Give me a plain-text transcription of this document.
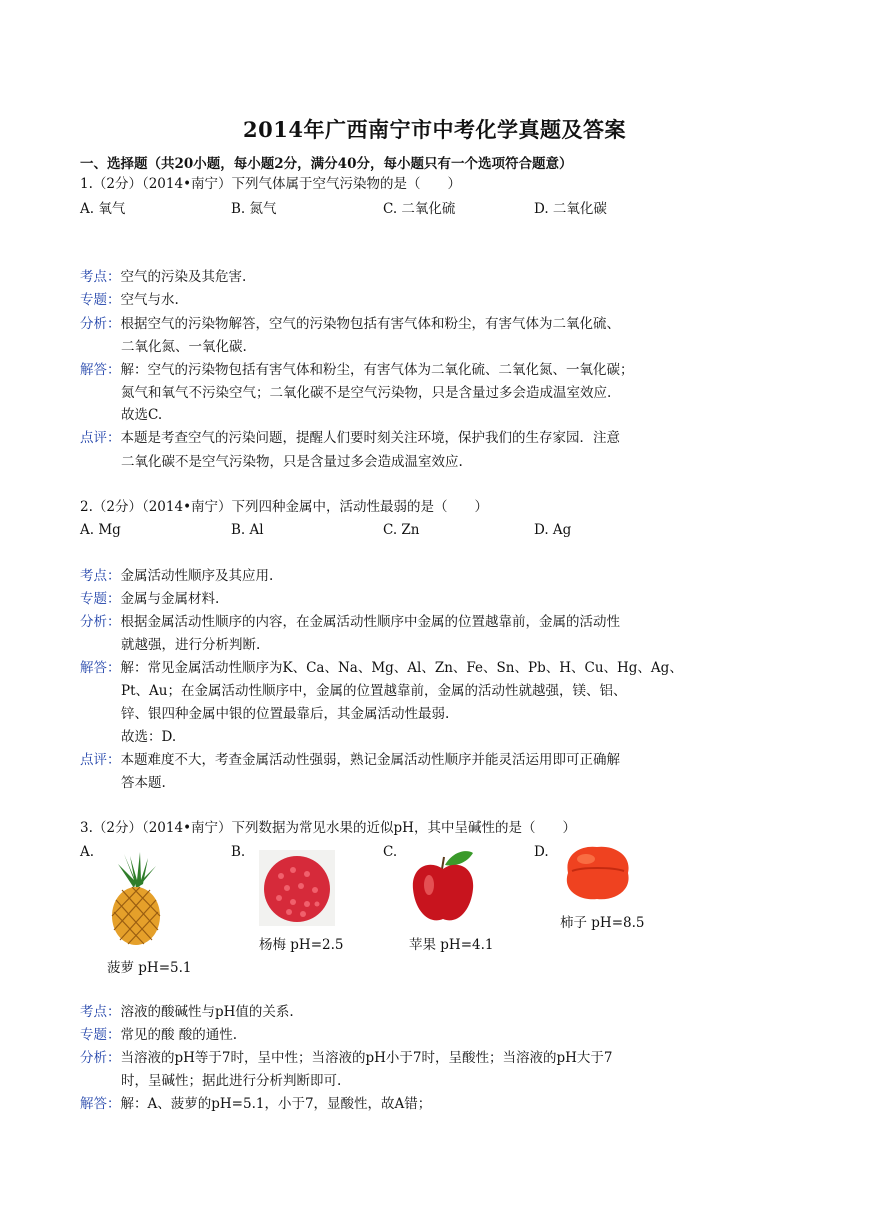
2014年广西南宁市中考化学真题及答案
一、选择题（共20小题，每小题2分，满分40分，每小题只有一个选项符合题意）
1.（2分）（2014•南宁）下列气体属于空气污染物的是（　　）
A. 氧气	B. 氮气	C. 二氧化硫	D. 二氧化碳
考点：空气的污染及其危害.
专题：空气与水.
分析：根据空气的污染物解答，空气的污染物包括有害气体和粉尘，有害气体为二氧化硫、
二氧化氮、一氧化碳.
解答：解：空气的污染物包括有害气体和粉尘，有害气体为二氧化硫、二氧化氮、一氧化碳；
氮气和氧气不污染空气；二氧化碳不是空气污染物，只是含量过多会造成温室效应.
故选C.
点评：本题是考查空气的污染问题，提醒人们要时刻关注环境，保护我们的生存家园．注意
二氧化碳不是空气污染物，只是含量过多会造成温室效应.
2.（2分）（2014•南宁）下列四种金属中，活动性最弱的是（　　）
A. Mg	B. Al	C. Zn	D. Ag
考点：金属活动性顺序及其应用.
专题：金属与金属材料.
分析：根据金属活动性顺序的内容，在金属活动性顺序中金属的位置越靠前，金属的活动性
就越强，进行分析判断.
解答：解：常见金属活动性顺序为K、Ca、Na、Mg、Al、Zn、Fe、Sn、Pb、H、Cu、Hg、Ag、
Pt、Au；在金属活动性顺序中，金属的位置越靠前，金属的活动性就越强，镁、铝、
锌、银四种金属中银的位置最靠后，其金属活动性最弱.
故选：D.
点评：本题难度不大，考查金属活动性强弱，熟记金属活动性顺序并能灵活运用即可正确解
答本题.
3.（2分）（2014•南宁）下列数据为常见水果的近似pH，其中呈碱性的是（　　）
A.	B.	C.	D.
菠萝 pH=5.1
杨梅 pH=2.5	苹果 pH=4.1
柿子 pH=8.5
考点：溶液的酸碱性与pH值的关系.
专题：常见的酸 酸的通性.
分析：当溶液的pH等于7时，呈中性；当溶液的pH小于7时，呈酸性；当溶液的pH大于7
时，呈碱性；据此进行分析判断即可.
解答：解：A、菠萝的pH=5.1，小于7，显酸性，故A错；
